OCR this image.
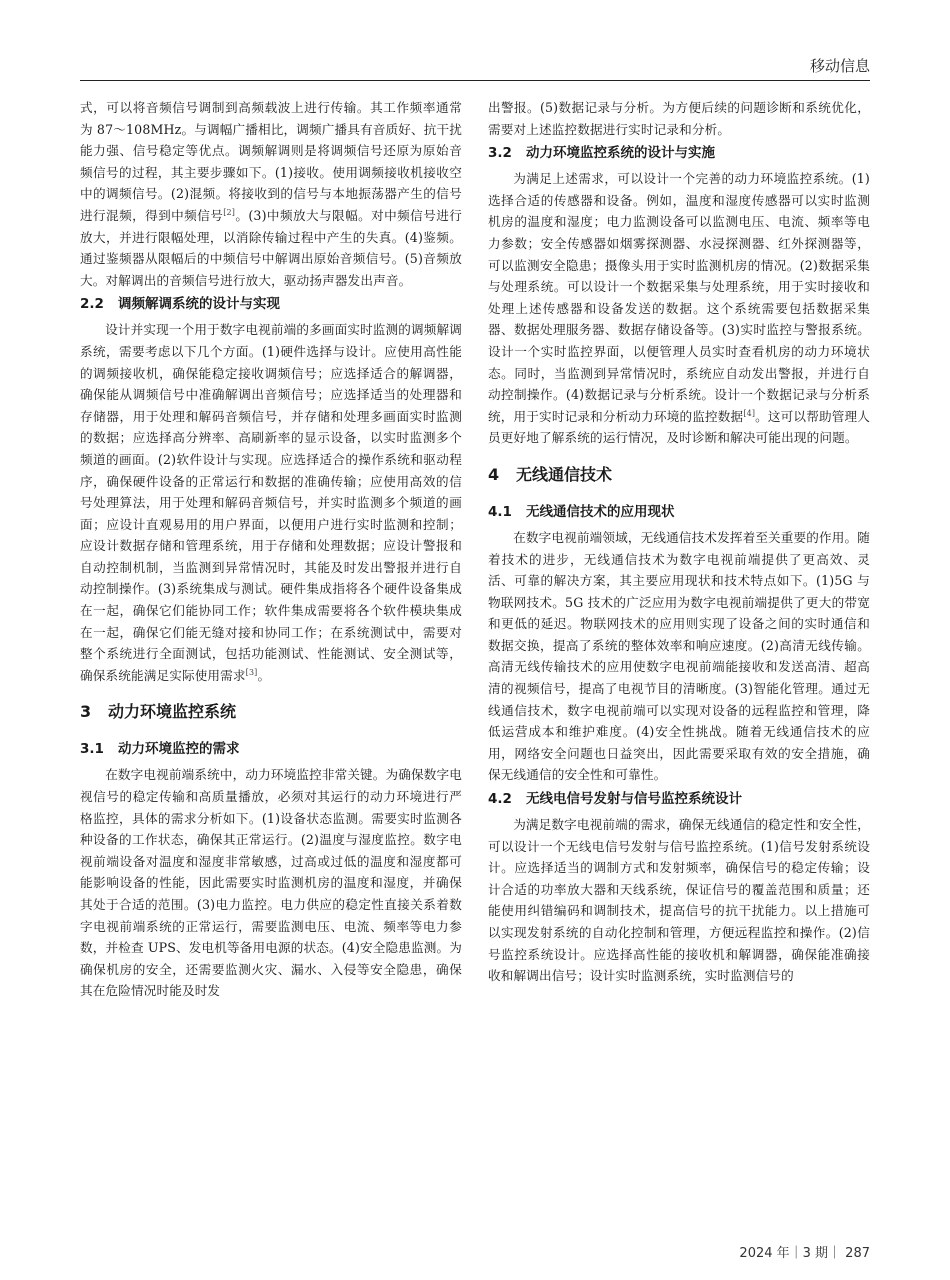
移动信息

式，可以将音频信号调制到高频载波上进行传输。其工作频率通常为 87～108MHz。与调幅广播相比，调频广播具有音质好、抗干扰能力强、信号稳定等优点。调频解调则是将调频信号还原为原始音频信号的过程，其主要步骤如下。(1)接收。使用调频接收机接收空中的调频信号。(2)混频。将接收到的信号与本地振荡器产生的信号进行混频，得到中频信号[2]。(3)中频放大与限幅。对中频信号进行放大，并进行限幅处理，以消除传输过程中产生的失真。(4)鉴频。通过鉴频器从限幅后的中频信号中解调出原始音频信号。(5)音频放大。对解调出的音频信号进行放大，驱动扬声器发出声音。

2.2 调频解调系统的设计与实现

设计并实现一个用于数字电视前端的多画面实时监测的调频解调系统，需要考虑以下几个方面。(1)硬件选择与设计。应使用高性能的调频接收机，确保能稳定接收调频信号；应选择适合的解调器，确保能从调频信号中准确解调出音频信号；应选择适当的处理器和存储器，用于处理和解码音频信号，并存储和处理多画面实时监测的数据；应选择高分辨率、高刷新率的显示设备，以实时监测多个频道的画面。(2)软件设计与实现。应选择适合的操作系统和驱动程序，确保硬件设备的正常运行和数据的准确传输；应使用高效的信号处理算法，用于处理和解码音频信号，并实时监测多个频道的画面；应设计直观易用的用户界面，以便用户进行实时监测和控制；应设计数据存储和管理系统，用于存储和处理数据；应设计警报和自动控制机制，当监测到异常情况时，其能及时发出警报并进行自动控制操作。(3)系统集成与测试。硬件集成指将各个硬件设备集成在一起，确保它们能协同工作；软件集成需要将各个软件模块集成在一起，确保它们能无缝对接和协同工作；在系统测试中，需要对整个系统进行全面测试，包括功能测试、性能测试、安全测试等，确保系统能满足实际使用需求[3]。

3 动力环境监控系统
3.1 动力环境监控的需求

在数字电视前端系统中，动力环境监控非常关键。为确保数字电视信号的稳定传输和高质量播放，必须对其运行的动力环境进行严格监控，具体的需求分析如下。(1)设备状态监测。需要实时监测各种设备的工作状态，确保其正常运行。(2)温度与湿度监控。数字电视前端设备对温度和湿度非常敏感，过高或过低的温度和湿度都可能影响设备的性能，因此需要实时监测机房的温度和湿度，并确保其处于合适的范围。(3)电力监控。电力供应的稳定性直接关系着数字电视前端系统的正常运行，需要监测电压、电流、频率等电力参数，并检查 UPS、发电机等备用电源的状态。(4)安全隐患监测。为确保机房的安全，还需要监测火灾、漏水、入侵等安全隐患，确保其在危险情况时能及时发

出警报。(5)数据记录与分析。为方便后续的问题诊断和系统优化，需要对上述监控数据进行实时记录和分析。

3.2 动力环境监控系统的设计与实施

为满足上述需求，可以设计一个完善的动力环境监控系统。(1)选择合适的传感器和设备。例如，温度和湿度传感器可以实时监测机房的温度和湿度；电力监测设备可以监测电压、电流、频率等电力参数；安全传感器如烟雾探测器、水浸探测器、红外探测器等，可以监测安全隐患；摄像头用于实时监测机房的情况。(2)数据采集与处理系统。可以设计一个数据采集与处理系统，用于实时接收和处理上述传感器和设备发送的数据。这个系统需要包括数据采集器、数据处理服务器、数据存储设备等。(3)实时监控与警报系统。设计一个实时监控界面，以便管理人员实时查看机房的动力环境状态。同时，当监测到异常情况时，系统应自动发出警报，并进行自动控制操作。(4)数据记录与分析系统。设计一个数据记录与分析系统，用于实时记录和分析动力环境的监控数据[4]。这可以帮助管理人员更好地了解系统的运行情况，及时诊断和解决可能出现的问题。

4 无线通信技术
4.1 无线通信技术的应用现状

在数字电视前端领域，无线通信技术发挥着至关重要的作用。随着技术的进步，无线通信技术为数字电视前端提供了更高效、灵活、可靠的解决方案，其主要应用现状和技术特点如下。(1)5G 与物联网技术。5G 技术的广泛应用为数字电视前端提供了更大的带宽和更低的延迟。物联网技术的应用则实现了设备之间的实时通信和数据交换，提高了系统的整体效率和响应速度。(2)高清无线传输。高清无线传输技术的应用使数字电视前端能接收和发送高清、超高清的视频信号，提高了电视节目的清晰度。(3)智能化管理。通过无线通信技术，数字电视前端可以实现对设备的远程监控和管理，降低运营成本和维护难度。(4)安全性挑战。随着无线通信技术的应用，网络安全问题也日益突出，因此需要采取有效的安全措施，确保无线通信的安全性和可靠性。

4.2 无线电信号发射与信号监控系统设计

为满足数字电视前端的需求，确保无线通信的稳定性和安全性，可以设计一个无线电信号发射与信号监控系统。(1)信号发射系统设计。应选择适当的调制方式和发射频率，确保信号的稳定传输；设计合适的功率放大器和天线系统，保证信号的覆盖范围和质量；还能使用纠错编码和调制技术，提高信号的抗干扰能力。以上措施可以实现发射系统的自动化控制和管理，方便远程监控和操作。(2)信号监控系统设计。应选择高性能的接收机和解调器，确保能准确接收和解调出信号；设计实时监测系统，实时监测信号的

2024 年｜3 期｜ 287
